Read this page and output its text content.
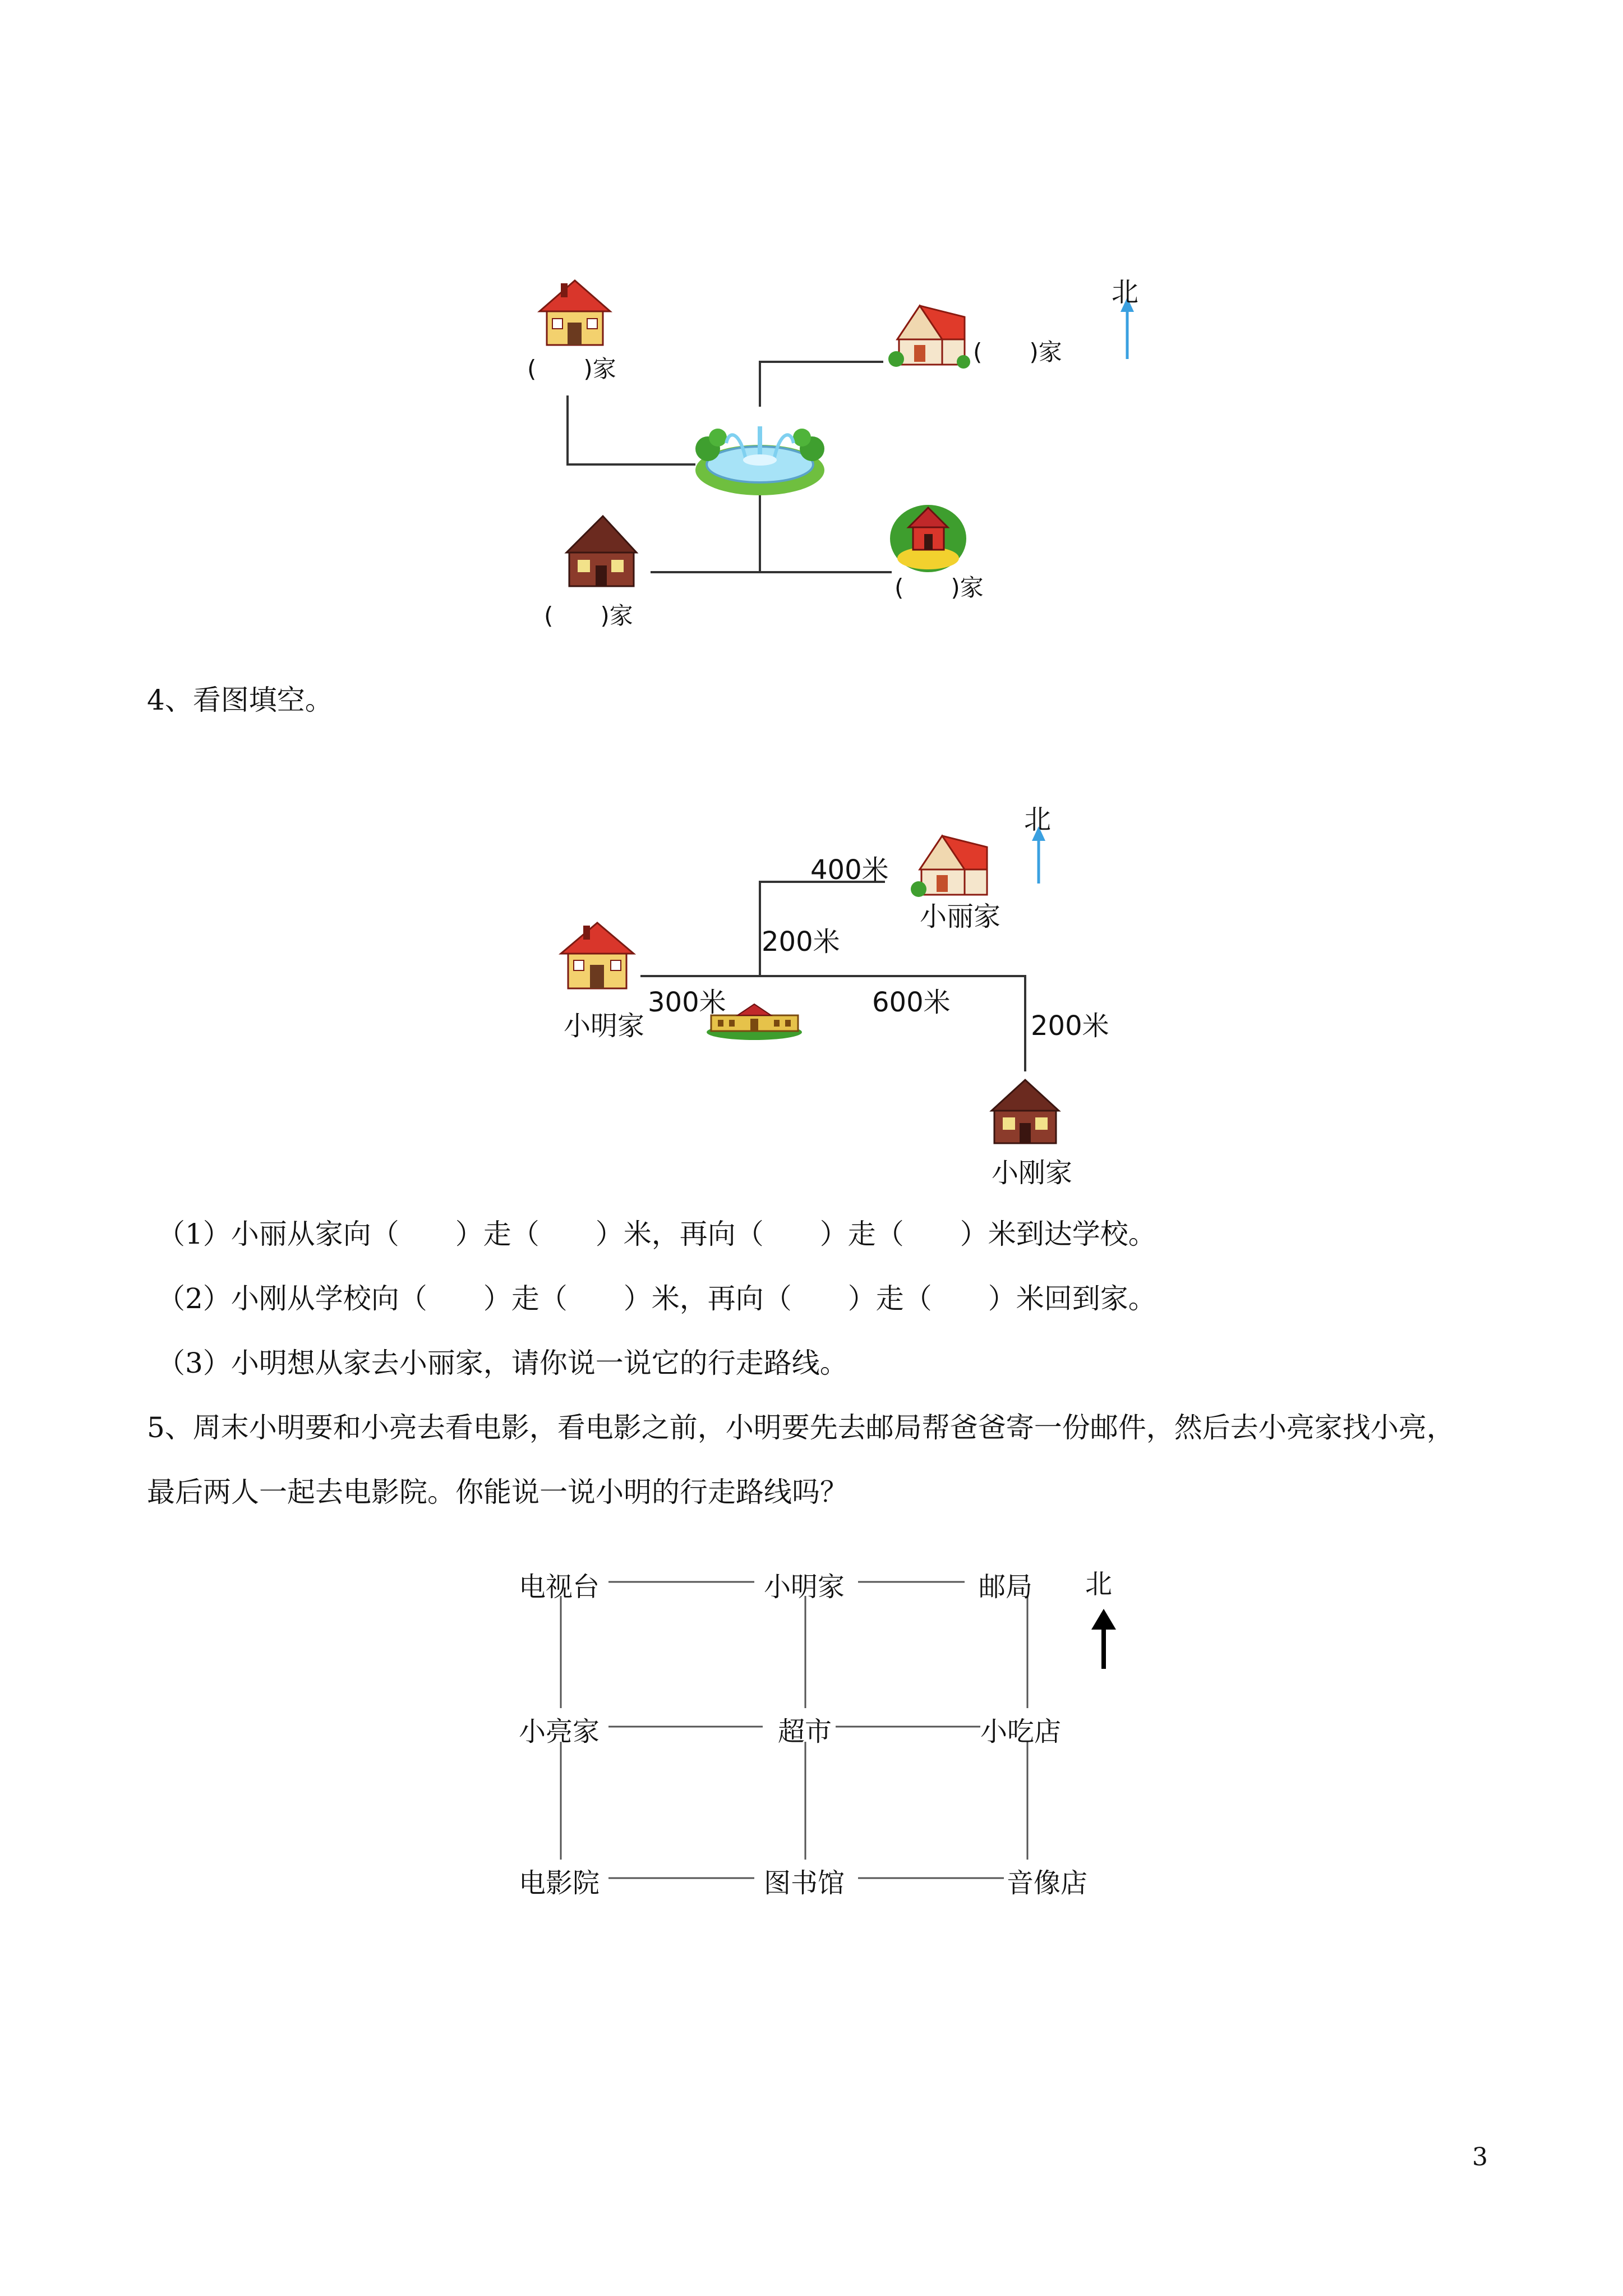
北
(　　)家
(　　)家
(　　)家
(　　)家
4、看图填空。
北
400米
小丽家
200米
300米	600米
小明家	200米
小刚家
（1）小丽从家向（　　）走（　　）米，再向（　　）走（　　）米到达学校。
（2）小刚从学校向（　　）走（　　）米，再向（　　）走（　　）米回到家。
（3）小明想从家去小丽家，请你说一说它的行走路线。
5、周末小明要和小亮去看电影，看电影之前，小明要先去邮局帮爸爸寄一份邮件，然后去小亮家找小亮，
最后两人一起去电影院。你能说一说小明的行走路线吗？
北
电视台	小明家	邮局
小亮家	超市	小吃店
电影院	图书馆	音像店
3
